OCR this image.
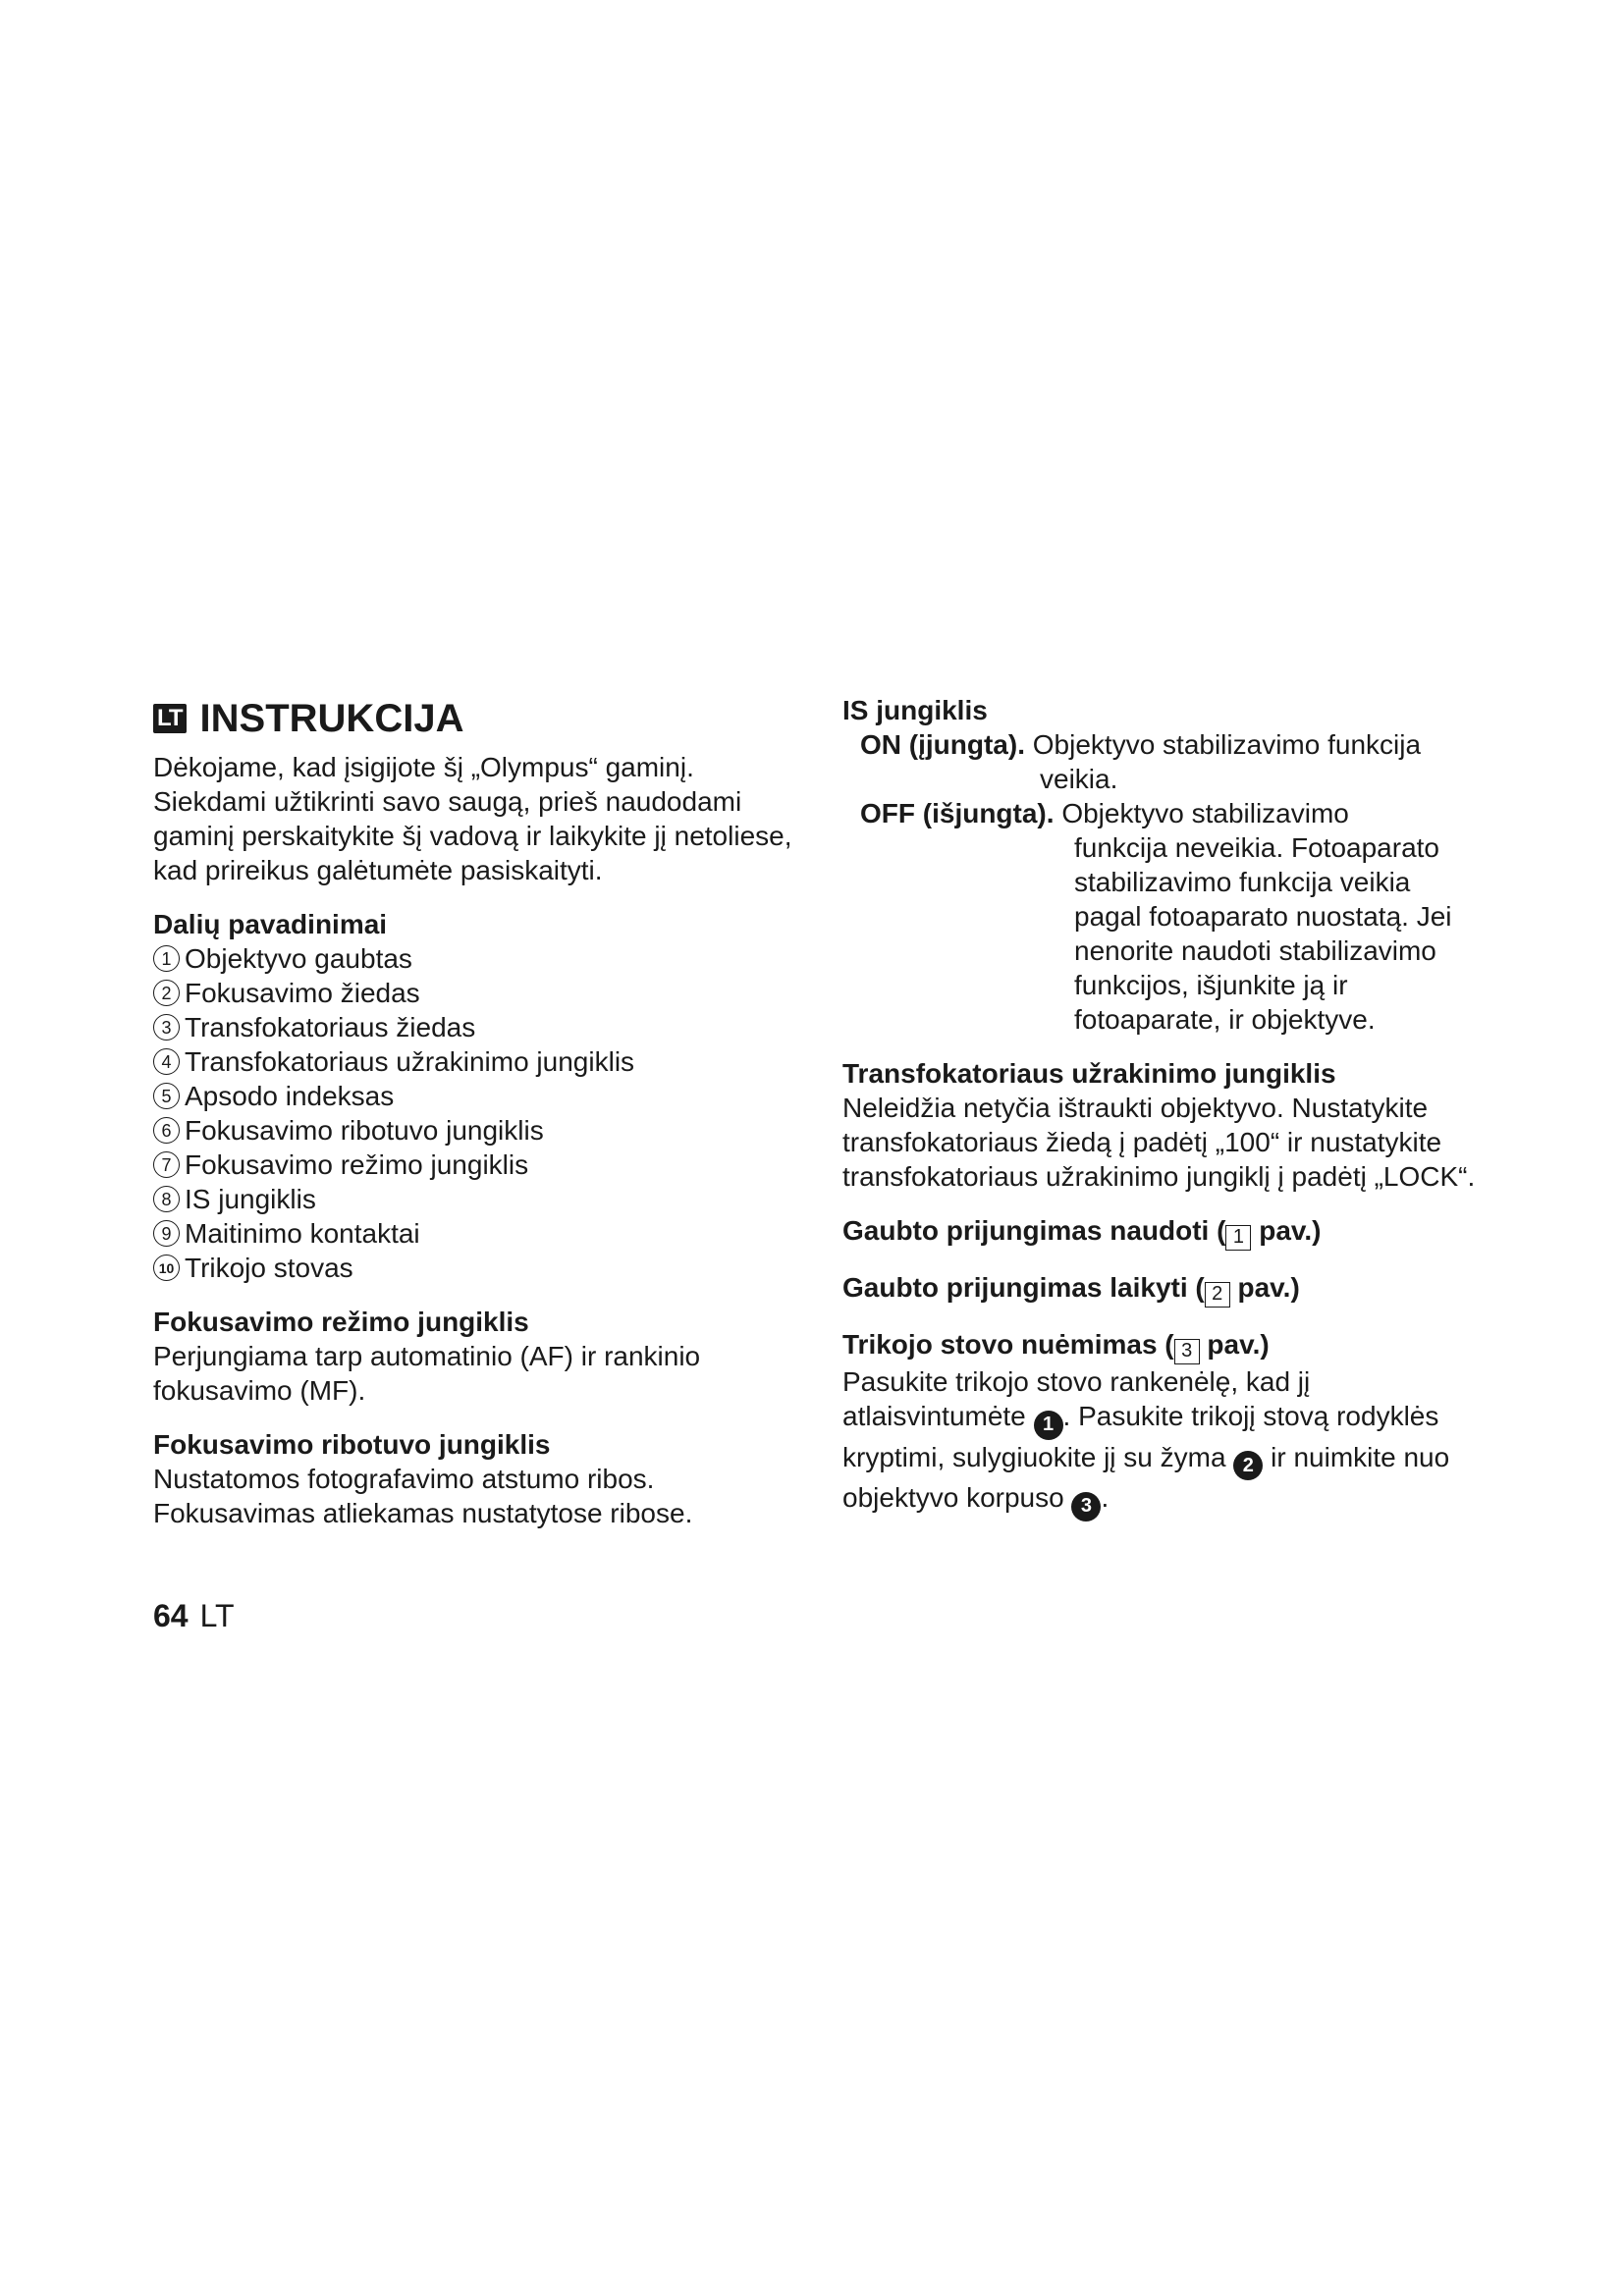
LT INSTRUKCIJA
Dėkojame, kad įsigijote šį „Olympus“ gaminį. Siekdami užtikrinti savo saugą, prieš naudodami gaminį perskaitykite šį vadovą ir laikykite jį netoliese, kad prireikus galėtumėte pasiskaityti.
Dalių pavadinimai
1 Objektyvo gaubtas
2 Fokusavimo žiedas
3 Transfokatoriaus žiedas
4 Transfokatoriaus užrakinimo jungiklis
5 Apsodo indeksas
6 Fokusavimo ribotuvo jungiklis
7 Fokusavimo režimo jungiklis
8 IS jungiklis
9 Maitinimo kontaktai
10 Trikojo stovas
Fokusavimo režimo jungiklis
Perjungiama tarp automatinio (AF) ir rankinio fokusavimo (MF).
Fokusavimo ribotuvo jungiklis
Nustatomos fotografavimo atstumo ribos. Fokusavimas atliekamas nustatytose ribose.
IS jungiklis
ON (įjungta). Objektyvo stabilizavimo funkcija
veikia.
OFF (išjungta). Objektyvo stabilizavimo
funkcija neveikia. Fotoaparato stabilizavimo funkcija veikia pagal fotoaparato nuostatą. Jei nenorite naudoti stabilizavimo funkcijos, išjunkite ją ir fotoaparate, ir objektyve.
Transfokatoriaus užrakinimo jungiklis
Neleidžia netyčia ištraukti objektyvo. Nustatykite transfokatoriaus žiedą į padėtį „100“ ir nustatykite transfokatoriaus užrakinimo jungiklį į padėtį „LOCK“.
Gaubto prijungimas naudoti ( 1 pav.)
Gaubto prijungimas laikyti ( 2 pav.)
Trikojo stovo nuėmimas ( 3 pav.)
Pasukite trikojo stovo rankenėlę, kad jį atlaisvintumėte 1 . Pasukite trikojį stovą rodyklės kryptimi, sulygiuokite jį su žyma 2 ir nuimkite nuo objektyvo korpuso 3 .
64 LT
